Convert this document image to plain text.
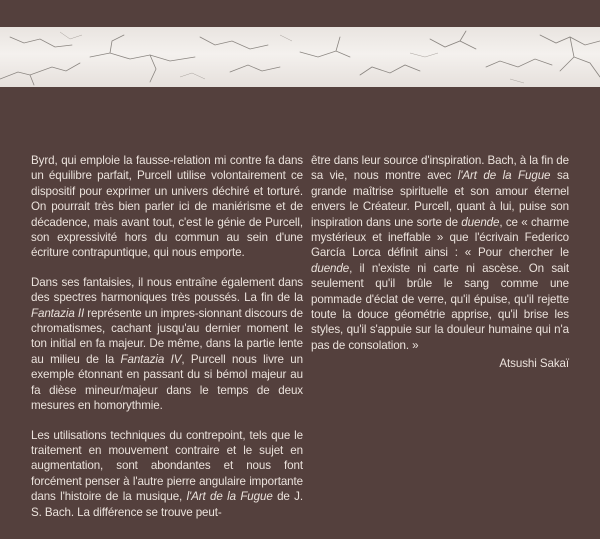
Byrd, qui emploie la fausse-relation mi contre fa dans un équilibre parfait, Purcell utilise volontairement ce dispositif pour exprimer un univers déchiré et torturé. On pourrait très bien parler ici de maniérisme et de décadence, mais avant tout, c'est le génie de Purcell, son expressivité hors du commun au sein d'une écriture contrapuntique, qui nous emporte.

Dans ses fantaisies, il nous entraîne également dans des spectres harmoniques très poussés. La fin de la Fantazia II représente un impres-sionnant discours de chromatismes, cachant jusqu'au dernier moment le ton initial en fa majeur. De même, dans la partie lente au milieu de la Fantazia IV, Purcell nous livre un exemple étonnant en passant du si bémol majeur au fa dièse mineur/majeur dans le temps de deux mesures en homorythmie.

Les utilisations techniques du contrepoint, tels que le traitement en mouvement contraire et le sujet en augmentation, sont abondantes et nous font forcément penser à l'autre pierre angulaire importante dans l'histoire de la musique, l'Art de la Fugue de J. S. Bach. La différence se trouve peut-

être dans leur source d'inspiration. Bach, à la fin de sa vie, nous montre avec l'Art de la Fugue sa grande maîtrise spirituelle et son amour éternel envers le Créateur. Purcell, quant à lui, puise son inspiration dans une sorte de duende, ce « charme mystérieux et ineffable » que l'écrivain Federico García Lorca définit ainsi : « Pour chercher le duende, il n'existe ni carte ni ascèse. On sait seulement qu'il brûle le sang comme une pommade d'éclat de verre, qu'il épuise, qu'il rejette toute la douce géométrie apprise, qu'il brise les styles, qu'il s'appuie sur la douleur humaine qui n'a pas de consolation. »

Atsushi Sakaï
